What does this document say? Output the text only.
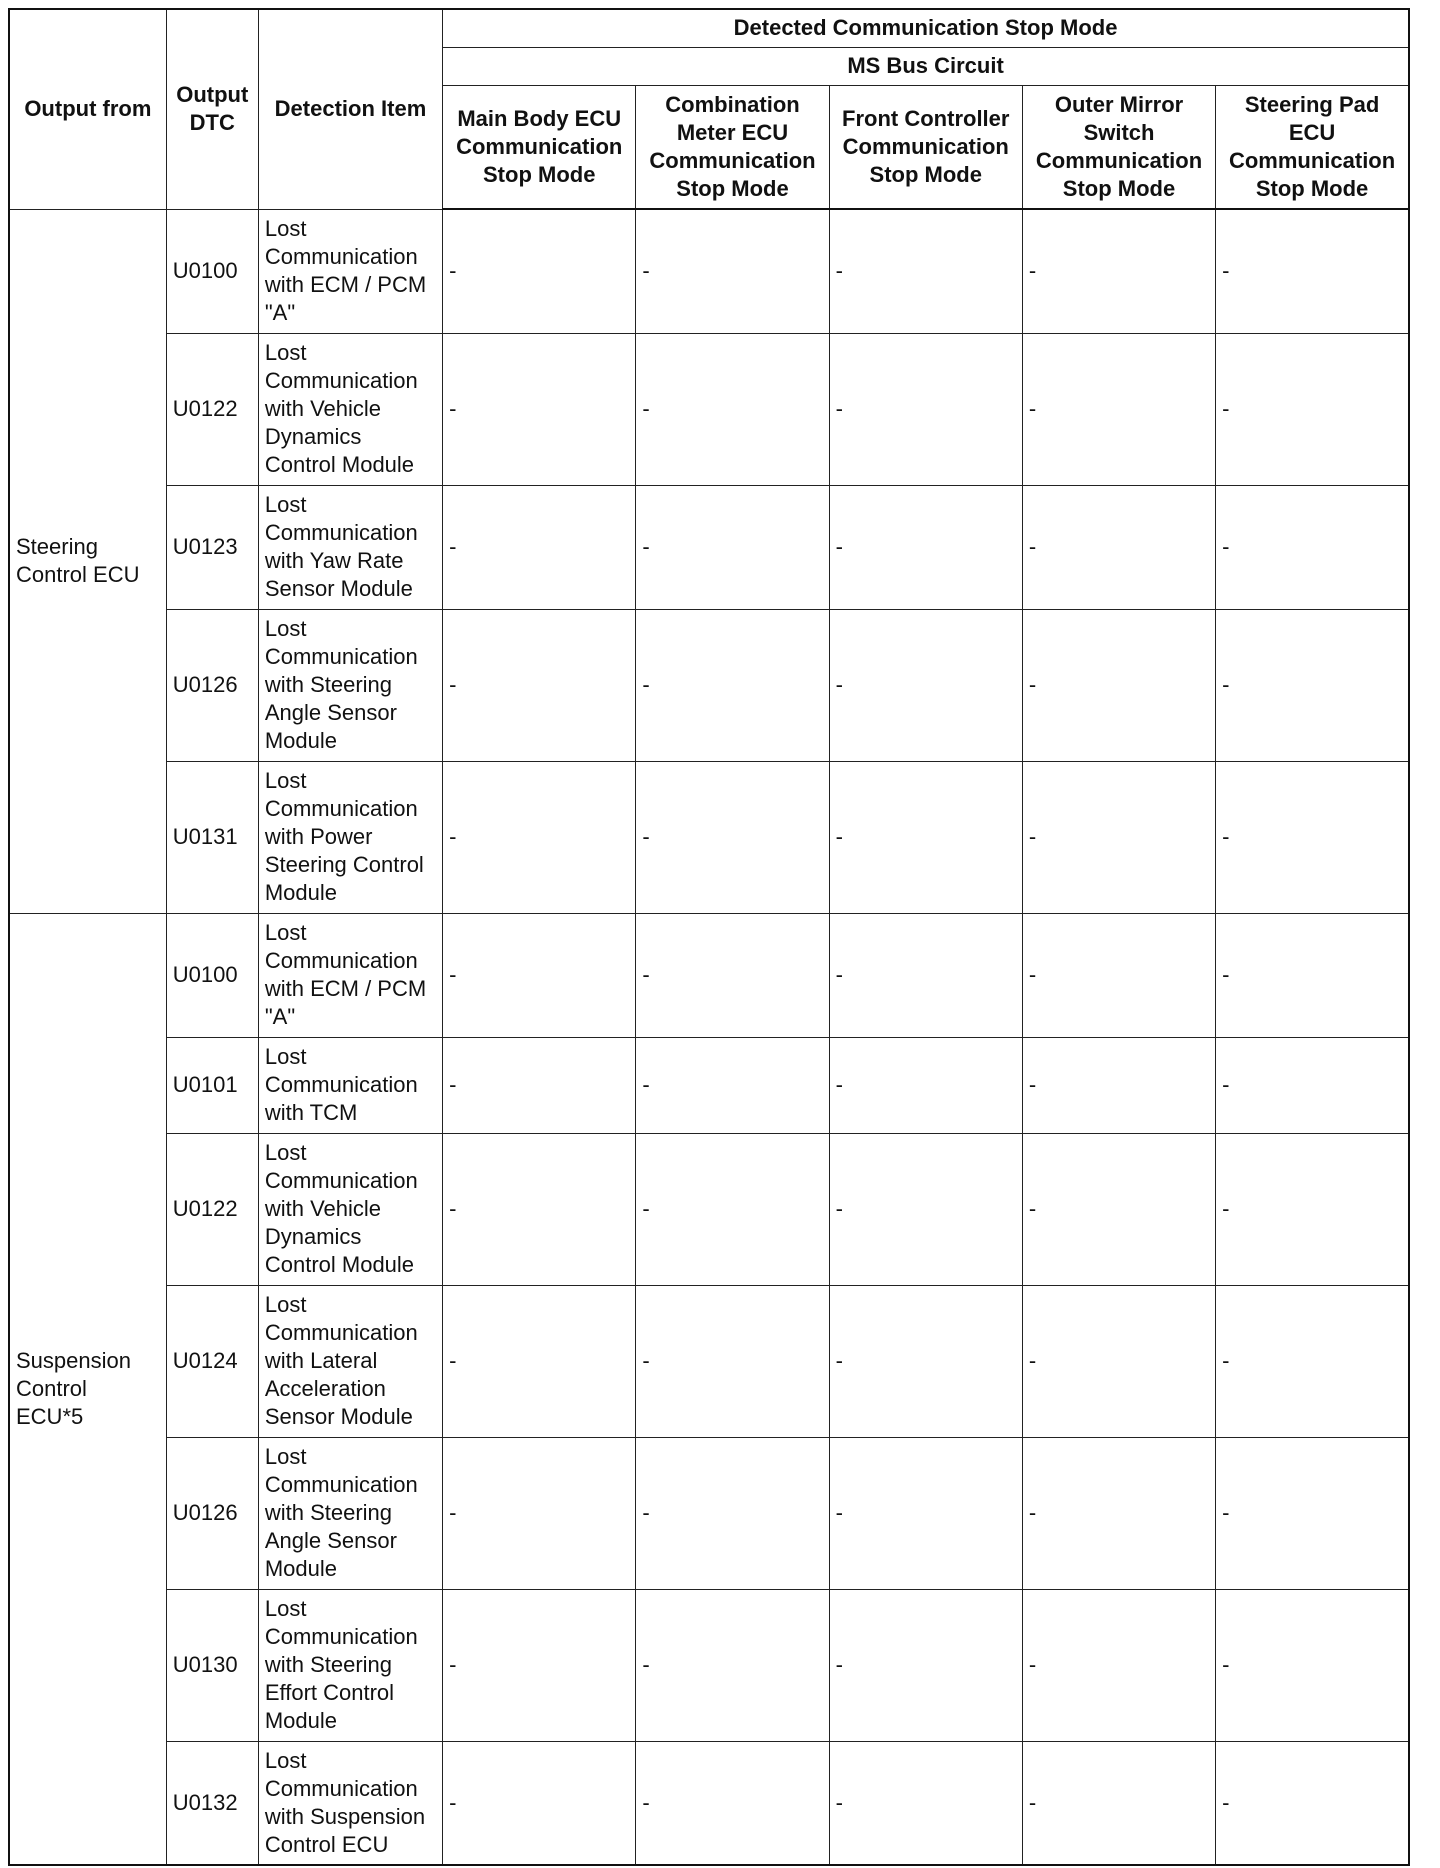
Output from	Output DTC	Detection Item	Detected Communication Stop Mode				
			MS Bus Circuit				
			Main Body ECU Communication Stop Mode	Combination Meter ECU Communication Stop Mode	Front Controller Communication Stop Mode	Outer Mirror Switch Communication Stop Mode	Steering Pad ECU Communication Stop Mode
Steering Control ECU	U0100	Lost Communication with ECM / PCM "A"	-	-	-	-	-
	U0122	Lost Communication with Vehicle Dynamics Control Module	-	-	-	-	-
	U0123	Lost Communication with Yaw Rate Sensor Module	-	-	-	-	-
	U0126	Lost Communication with Steering Angle Sensor Module	-	-	-	-	-
	U0131	Lost Communication with Power Steering Control Module	-	-	-	-	-
Suspension Control ECU*5	U0100	Lost Communication with ECM / PCM "A"	-	-	-	-	-
	U0101	Lost Communication with TCM	-	-	-	-	-
	U0122	Lost Communication with Vehicle Dynamics Control Module	-	-	-	-	-
	U0124	Lost Communication with Lateral Acceleration Sensor Module	-	-	-	-	-
	U0126	Lost Communication with Steering Angle Sensor Module	-	-	-	-	-
	U0130	Lost Communication with Steering Effort Control Module	-	-	-	-	-
	U0132	Lost Communication with Suspension Control ECU	-	-	-	-	-
